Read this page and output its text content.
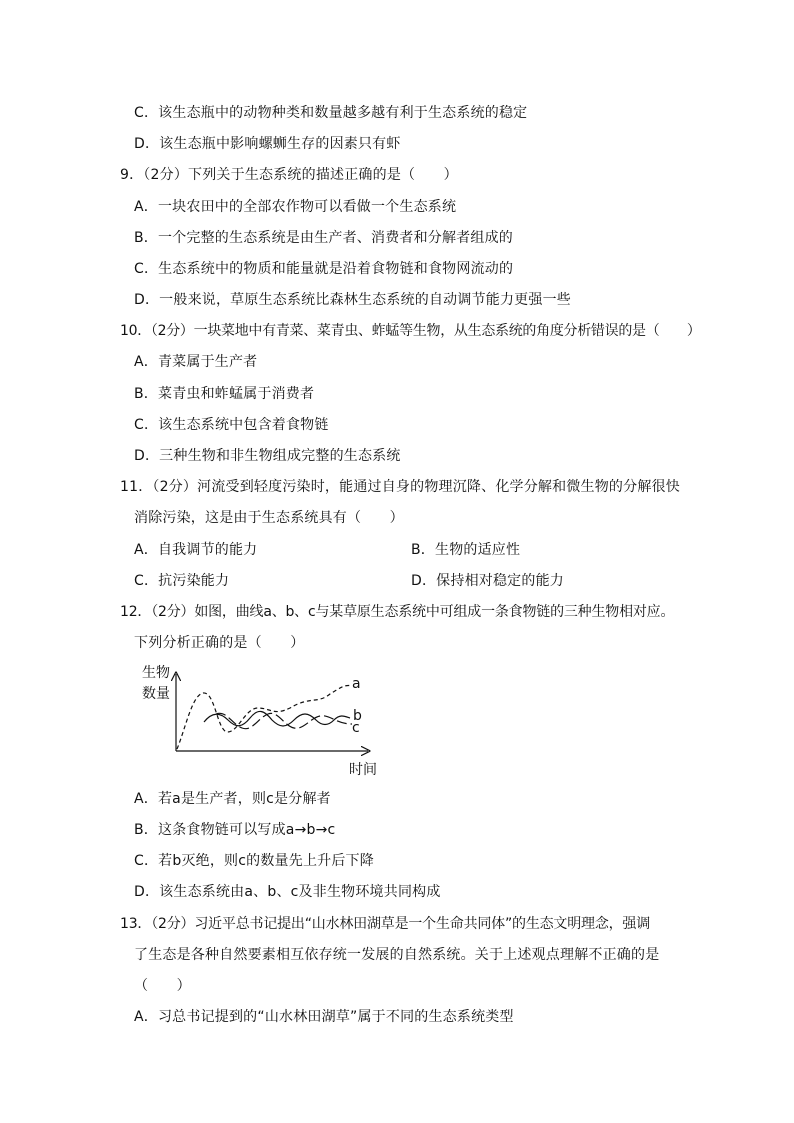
C．该生态瓶中的动物种类和数量越多越有利于生态系统的稳定
D．该生态瓶中影响螺蛳生存的因素只有虾
9．（2分）下列关于生态系统的描述正确的是（　　）
A．一块农田中的全部农作物可以看做一个生态系统
B．一个完整的生态系统是由生产者、消费者和分解者组成的
C．生态系统中的物质和能量就是沿着食物链和食物网流动的
D．一般来说，草原生态系统比森林生态系统的自动调节能力更强一些
10．（2分）一块菜地中有青菜、菜青虫、蚱蜢等生物，从生态系统的角度分析错误的是（　　）
A．青菜属于生产者
B．菜青虫和蚱蜢属于消费者
C．该生态系统中包含着食物链
D．三种生物和非生物组成完整的生态系统
11．（2分）河流受到轻度污染时，能通过自身的物理沉降、化学分解和微生物的分解很快
消除污染，这是由于生态系统具有（　　）
A．自我调节的能力	B．生物的适应性
C．抗污染能力	D．保持相对稳定的能力
12．（2分）如图，曲线a、b、c与某草原生态系统中可组成一条食物链的三种生物相对应。
下列分析正确的是（　　）
生物
数量
a
b
c
时间
A．若a是生产者，则c是分解者
B．这条食物链可以写成a→b→c
C．若b灭绝，则c的数量先上升后下降
D．该生态系统由a、b、c及非生物环境共同构成
13．（2分）习近平总书记提出“山水林田湖草是一个生命共同体”的生态文明理念，强调
了生态是各种自然要素相互依存统一发展的自然系统。关于上述观点理解不正确的是
（　　）
A．习总书记提到的“山水林田湖草”属于不同的生态系统类型
